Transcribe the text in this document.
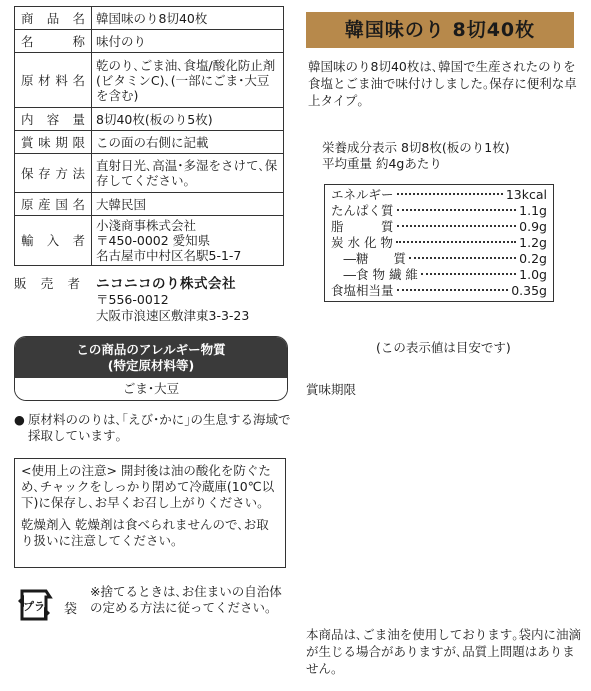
商 品 名	韓国味のり8切40枚
名　　称	味付のり
原材料名	乾のり､ごま油､食塩/酸化防止剤(ビタミンC)､(一部にごま･大豆を含む)
内 容 量	8切40枚(板のり5枚)
賞味期限	この面の右側に記載
保存方法	直射日光､高温･多湿をさけて､保存してください｡
原産国名	大韓民国
輸 入 者	小淺商事株式会社
〒450-0002 愛知県
名古屋市中村区名駅5-1-7
販 売 者 ニコニコのり株式会社
〒556-0012
大阪市浪速区敷津東3-3-23
この商品のアレルギー物質
(特定原材料等)
ごま･大豆
● 原材料ののりは､｢えび･かに｣の生息する海域で採取しています｡

<使用上の注意> 開封後は油の酸化を防ぐため､チャックをしっかり閉めて冷蔵庫(10℃以下)に保存し､お早くお召し上がりください｡

乾燥剤入 乾燥剤は食べられませんので､お取り扱いに注意してください｡

プラ 袋
※捨てるときは､お住まいの自治体の定める方法に従ってください｡
韓国味のり 8切40枚
韓国味のり8切40枚は､韓国で生産されたのりを食塩とごま油で味付けしました｡保存に便利な卓上タイプ｡
栄養成分表示 8切8枚(板のり1枚)
平均重量 約4gあたり
エネルギー	13kcal
たんぱく質	1.1g
脂　　　質	0.9g
炭 水 化 物	1.2g
　―糖　　質	0.2g
　―食 物 繊 維	1.0g
食塩相当量	0.35g
(この表示値は目安です)
賞味期限
本商品は､ごま油を使用しております｡袋内に油滴が生じる場合がありますが､品質上問題はありません｡
